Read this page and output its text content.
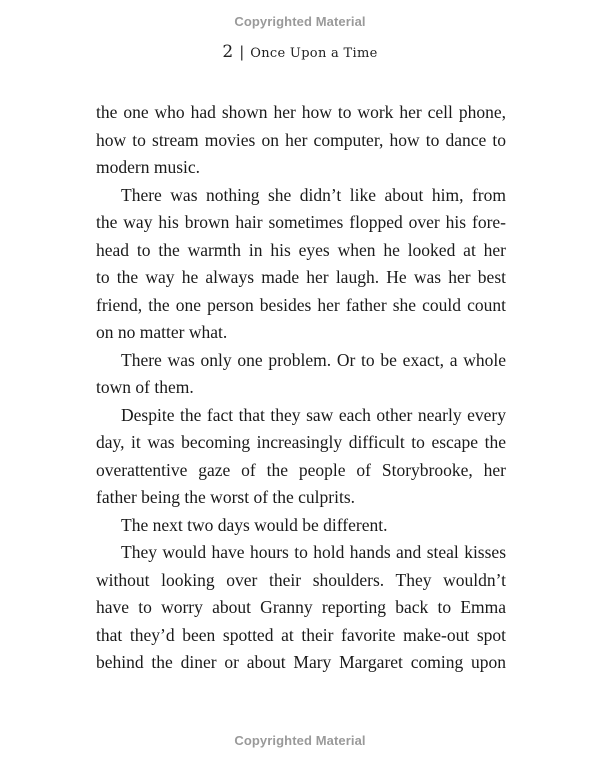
Copyrighted Material
2 | Once Upon a Time
the one who had shown her how to work her cell phone,
how to stream movies on her computer, how to dance to
modern music.
There was nothing she didn’t like about him, from
the way his brown hair sometimes flopped over his fore-
head to the warmth in his eyes when he looked at her
to the way he always made her laugh. He was her best
friend, the one person besides her father she could count
on no matter what.
There was only one problem. Or to be exact, a whole
town of them.
Despite the fact that they saw each other nearly every
day, it was becoming increasingly difficult to escape the
overattentive gaze of the people of Storybrooke, her
father being the worst of the culprits.
The next two days would be different.
They would have hours to hold hands and steal kisses
without looking over their shoulders. They wouldn’t
have to worry about Granny reporting back to Emma
that they’d been spotted at their favorite make-out spot
behind the diner or about Mary Margaret coming upon
Copyrighted Material
